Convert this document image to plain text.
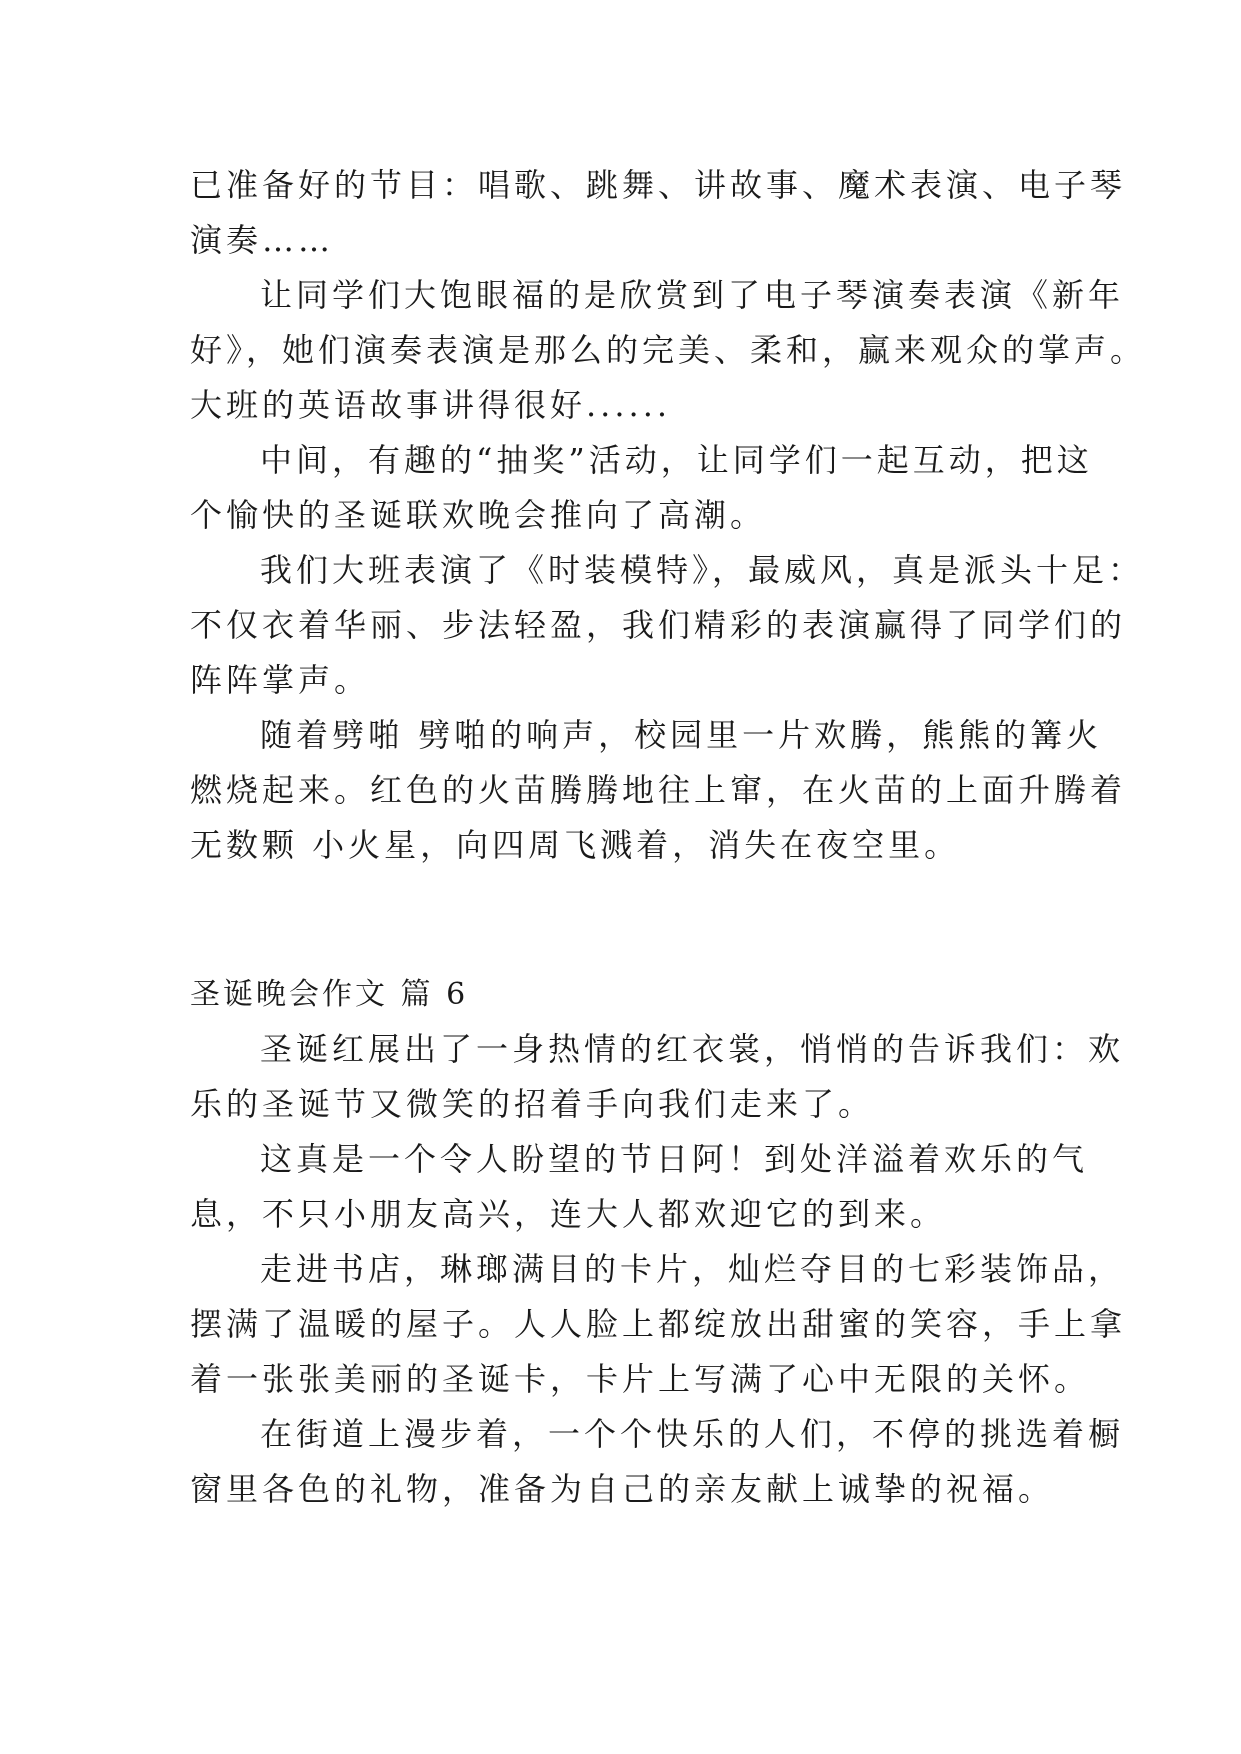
已准备好的节目：唱歌、跳舞、讲故事、魔术表演、电子琴
演奏……
让同学们大饱眼福的是欣赏到了电子琴演奏表演《新年
好》，她们演奏表演是那么的完美、柔和，赢来观众的掌声。
大班的英语故事讲得很好......
中间，有趣的“抽奖”活动，让同学们一起互动，把这
个愉快的圣诞联欢晚会推向了高潮。
我们大班表演了《时装模特》，最威风，真是派头十足：
不仅衣着华丽、步法轻盈，我们精彩的表演赢得了同学们的
阵阵掌声。
随着劈啪 劈啪的响声，校园里一片欢腾，熊熊的篝火
燃烧起来。红色的火苗腾腾地往上窜，在火苗的上面升腾着
无数颗 小火星，向四周飞溅着，消失在夜空里。
圣诞晚会作文 篇 6
圣诞红展出了一身热情的红衣裳，悄悄的告诉我们：欢
乐的圣诞节又微笑的招着手向我们走来了。
这真是一个令人盼望的节日阿！到处洋溢着欢乐的气
息，不只小朋友高兴，连大人都欢迎它的到来。
走进书店，琳瑯满目的卡片，灿烂夺目的七彩装饰品，
摆满了温暖的屋子。人人脸上都绽放出甜蜜的笑容，手上拿
着一张张美丽的圣诞卡，卡片上写满了心中无限的关怀。
在街道上漫步着，一个个快乐的人们，不停的挑选着橱
窗里各色的礼物，准备为自己的亲友献上诚挚的祝福。
